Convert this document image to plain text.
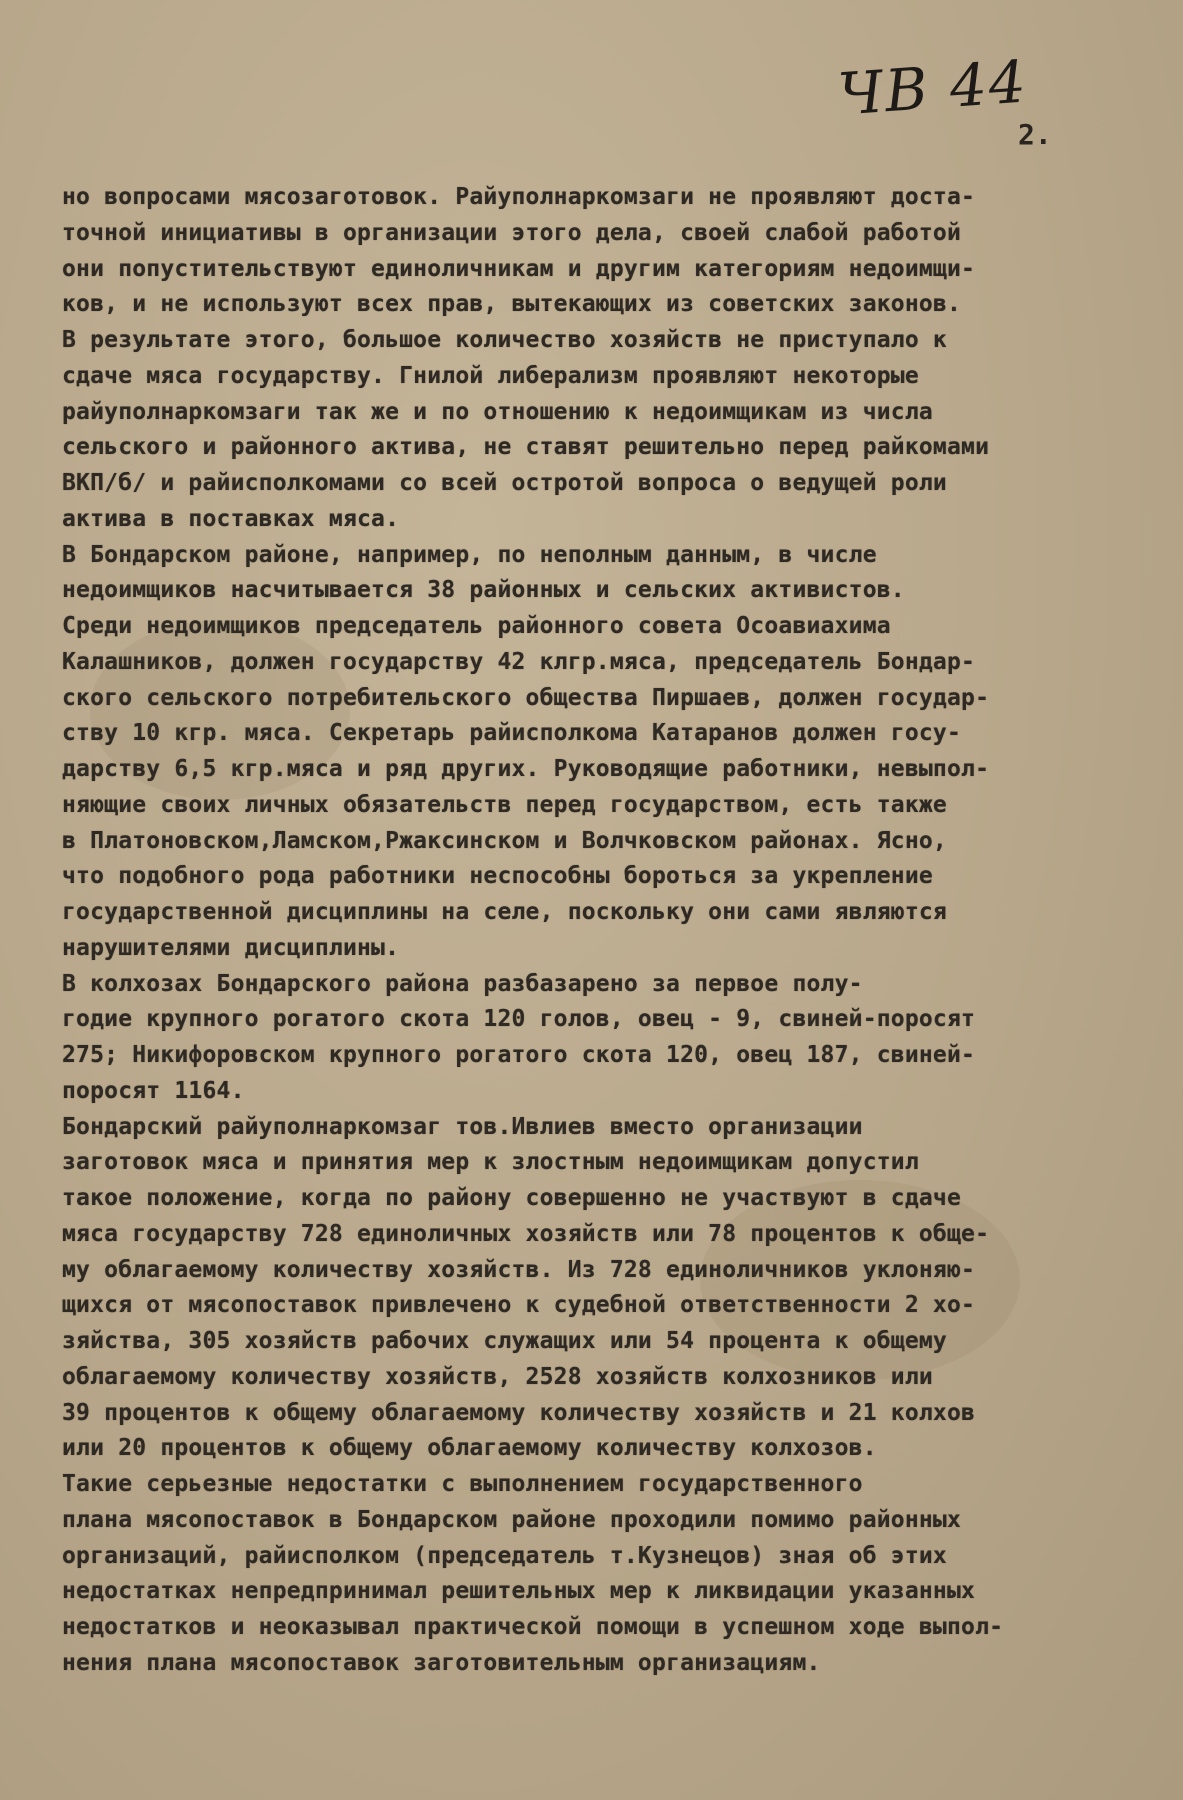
ЧВ 44
2.
но вопросами мясозаготовок. Райуполнаркомзаги не проявляют доста-
точной инициативы в организации этого дела, своей слабой работой
они попустительствуют единоличникам и другим категориям недоимщи-
ков, и не используют всех прав, вытекающих из советских законов.
В результате этого, большое количество хозяйств не приступало к
сдаче мяса государству. Гнилой либерализм проявляют некоторые
райуполнаркомзаги так же и по отношению к недоимщикам из числа
сельского и районного актива, не ставят решительно перед райкомами
ВКП/б/ и райисполкомами со всей остротой вопроса о ведущей роли
актива в поставках мяса.
В Бондарском районе, например, по неполным данным, в числе
недоимщиков насчитывается 38 районных и сельских активистов.
Среди недоимщиков председатель районного совета Осоавиахима
Калашников, должен государству 42 клгр.мяса, председатель Бондар-
ского сельского потребительского общества Пиршаев, должен государ-
ству 10 кгр. мяса. Секретарь райисполкома Катаранов должен госу-
дарству 6,5 кгр.мяса и ряд других. Руководящие работники, невыпол-
няющие своих личных обязательств перед государством, есть также
в Платоновском,Ламском,Ржаксинском и Волчковском районах. Ясно,
что подобного рода работники неспособны бороться за укрепление
государственной дисциплины на селе, поскольку они сами являются
нарушителями дисциплины.
В колхозах Бондарского района разбазарено за первое полу-
годие крупного рогатого скота 120 голов, овец - 9, свиней-поросят
275; Никифоровском крупного рогатого скота 120, овец 187, свиней-
поросят 1164.
Бондарский райуполнаркомзаг тов.Ивлиев вместо организации
заготовок мяса и принятия мер к злостным недоимщикам допустил
такое положение, когда по району совершенно не участвуют в сдаче
мяса государству 728 единоличных хозяйств или 78 процентов к обще-
му облагаемому количеству хозяйств. Из 728 единоличников уклоняю-
щихся от мясопоставок привлечено к судебной ответственности 2 хо-
зяйства, 305 хозяйств рабочих служащих или 54 процента к общему
облагаемому количеству хозяйств, 2528 хозяйств колхозников или
39 процентов к общему облагаемому количеству хозяйств и 21 колхов
или 20 процентов к общему облагаемому количеству колхозов.
Такие серьезные недостатки с выполнением государственного
плана мясопоставок в Бондарском районе проходили помимо районных
организаций, райисполком (председатель т.Кузнецов) зная об этих
недостатках непредпринимал решительных мер к ликвидации указанных
недостатков и неоказывал практической помощи в успешном ходе выпол-
нения плана мясопоставок заготовительным организациям.
